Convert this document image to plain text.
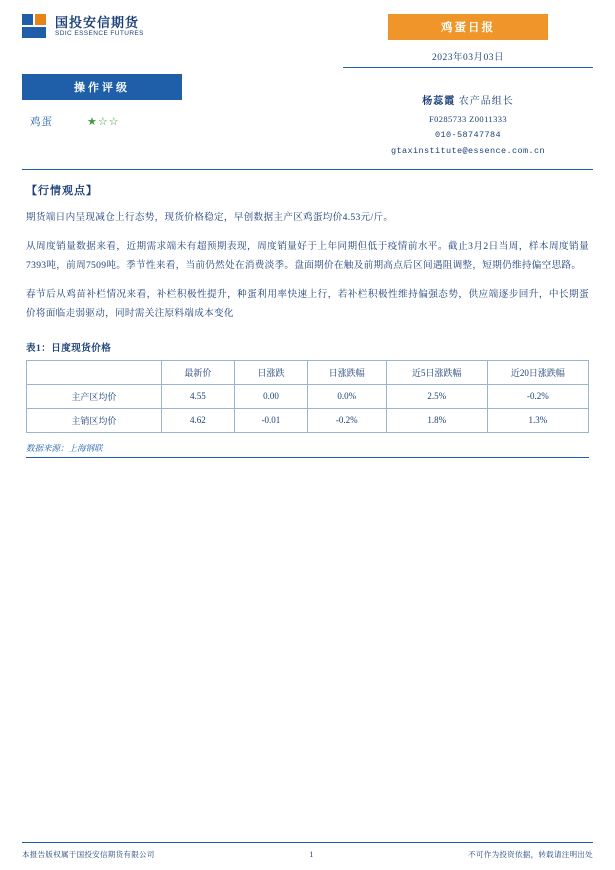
国投安信期货
SDIC ESSENCE FUTURES	鸡蛋日报
2023年03月03日
操作评级
鸡蛋	★☆☆
杨蕊霞 农产品组长
F0285733 Z0011333
010-58747784
gtaxinstitute@essence.com.cn
【行情观点】

期货端日内呈现减仓上行态势，现货价格稳定，早创数据主产区鸡蛋均价4.53元/斤。

从周度销量数据来看，近期需求端未有超预期表现，周度销量好于上年同期但低于疫情前水平。截止3月2日当周，样本周度销量7393吨，前周7509吨。季节性来看，当前仍然处在消费淡季。盘面期价在触及前期高点后区间遇阻调整，短期仍维持偏空思路。

春节后从鸡苗补栏情况来看，补栏积极性提升，种蛋利用率快速上行，若补栏积极性维持偏强态势，供应端逐步回升，中长期蛋价将面临走弱驱动，同时需关注原料端成本变化

表1：日度现货价格
	最新价	日涨跌	日涨跌幅	近5日涨跌幅	近20日涨跌幅
主产区均价	4.55	0.00	0.0%	2.5%	-0.2%
主销区均价	4.62	-0.01	-0.2%	1.8%	1.3%
数据来源：上海钢联
本报告版权属于国投安信期货有限公司	1	不可作为投资依据，转载请注明出处
